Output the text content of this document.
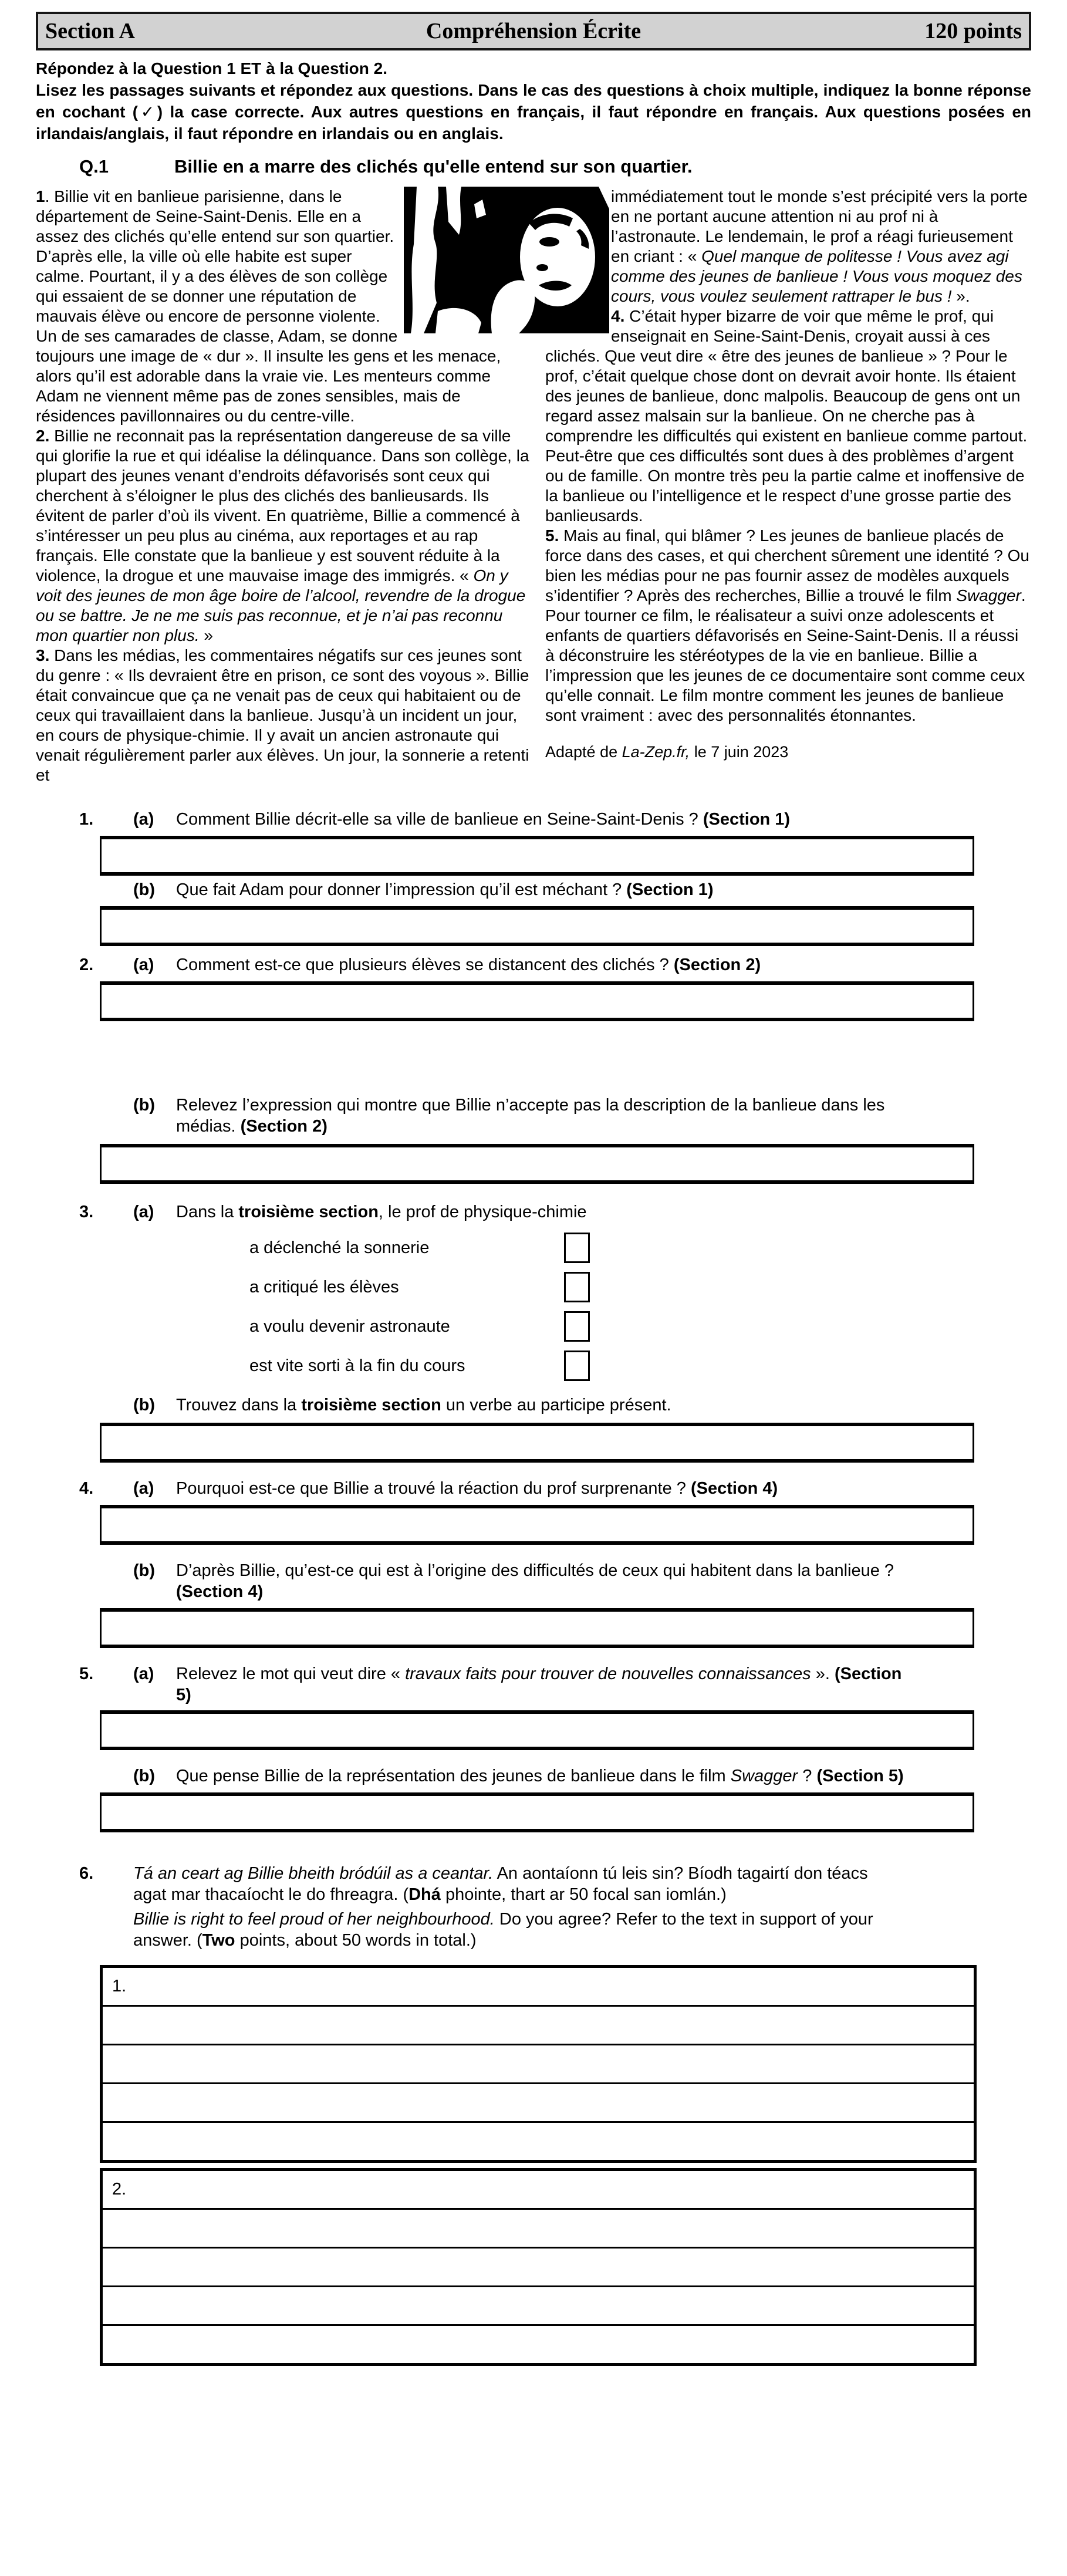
Section A	Compréhension Écrite	120 points

Répondez à la Question 1 ET à la Question 2.

Lisez les passages suivants et répondez aux questions. Dans le cas des questions à choix multiple, indiquez la bonne réponse en cochant (✓) la case correcte. Aux autres questions en français, il faut répondre en français. Aux questions posées en irlandais/anglais, il faut répondre en irlandais ou en anglais.

Q.1	Billie en a marre des clichés qu'elle entend sur son quartier.

1. Billie vit en banlieue parisienne, dans le département de Seine-Saint-Denis. Elle en a assez des clichés qu’elle entend sur son quartier. D’après elle, la ville où elle habite est super calme. Pourtant, il y a des élèves de son collège qui essaient de se donner une réputation de mauvais élève ou encore de personne violente. Un de ses camarades de classe, Adam, se donne toujours une image de « dur ». Il insulte les gens et les menace, alors qu’il est adorable dans la vraie vie. Les menteurs comme Adam ne viennent même pas de zones sensibles, mais de résidences pavillonnaires ou du centre-ville.

2. Billie ne reconnait pas la représentation dangereuse de sa ville qui glorifie la rue et qui idéalise la délinquance. Dans son collège, la plupart des jeunes venant d’endroits défavorisés sont ceux qui cherchent à s’éloigner le plus des clichés des banlieusards. Ils évitent de parler d’où ils vivent. En quatrième, Billie a commencé à s’intéresser un peu plus au cinéma, aux reportages et au rap français. Elle constate que la banlieue y est souvent réduite à la violence, la drogue et une mauvaise image des immigrés. « On y voit des jeunes de mon âge boire de l’alcool, revendre de la drogue ou se battre. Je ne me suis pas reconnue, et je n’ai pas reconnu mon quartier non plus. »

3. Dans les médias, les commentaires négatifs sur ces jeunes sont du genre : « Ils devraient être en prison, ce sont des voyous ». Billie était convaincue que ça ne venait pas de ceux qui habitaient ou de ceux qui travaillaient dans la banlieue. Jusqu’à un incident un jour, en cours de physique-chimie. Il y avait un ancien astronaute qui venait régulièrement parler aux élèves. Un jour, la sonnerie a retenti et

immédiatement tout le monde s’est précipité vers la porte en ne portant aucune attention ni au prof ni à l’astronaute. Le lendemain, le prof a réagi furieusement en criant : « Quel manque de politesse ! Vous avez agi comme des jeunes de banlieue ! Vous vous moquez des cours, vous voulez seulement rattraper le bus ! ».

4. C’était hyper bizarre de voir que même le prof, qui enseignait en Seine-Saint-Denis, croyait aussi à ces clichés. Que veut dire « être des jeunes de banlieue » ? Pour le prof, c’était quelque chose dont on devrait avoir honte. Ils étaient des jeunes de banlieue, donc malpolis. Beaucoup de gens ont un regard assez malsain sur la banlieue. On ne cherche pas à comprendre les difficultés qui existent en banlieue comme partout. Peut-être que ces difficultés sont dues à des problèmes d’argent ou de famille. On montre très peu la partie calme et inoffensive de la banlieue ou l’intelligence et le respect d’une grosse partie des banlieusards.

5. Mais au final, qui blâmer ? Les jeunes de banlieue placés de force dans des cases, et qui cherchent sûrement une identité ? Ou bien les médias pour ne pas fournir assez de modèles auxquels s’identifier ? Après des recherches, Billie a trouvé le film Swagger. Pour tourner ce film, le réalisateur a suivi onze adolescents et enfants de quartiers défavorisés en Seine-Saint-Denis. Il a réussi à déconstruire les stéréotypes de la vie en banlieue. Billie a l’impression que les jeunes de ce documentaire sont comme ceux qu’elle connait. Le film montre comment les jeunes de banlieue sont vraiment : avec des personnalités étonnantes.

Adapté de La-Zep.fr, le 7 juin 2023

1.	(a)	Comment Billie décrit-elle sa ville de banlieue en Seine-Saint-Denis ? (Section 1)
(b)	Que fait Adam pour donner l’impression qu’il est méchant ? (Section 1)
2.	(a)	Comment est-ce que plusieurs élèves se distancent des clichés ? (Section 2)
(b)	Relevez l’expression qui montre que Billie n’accepte pas la description de la banlieue dans les médias. (Section 2)
3.	(a)	Dans la troisième section, le prof de physique-chimie
a déclenché la sonnerie
a critiqué les élèves
a voulu devenir astronaute
est vite sorti à la fin du cours
(b)	Trouvez dans la troisième section un verbe au participe présent.
4.	(a)	Pourquoi est-ce que Billie a trouvé la réaction du prof surprenante ? (Section 4)
(b)	D’après Billie, qu’est-ce qui est à l’origine des difficultés de ceux qui habitent dans la banlieue ? (Section 4)
5.	(a)	Relevez le mot qui veut dire « travaux faits pour trouver de nouvelles connaissances ». (Section 5)
(b)	Que pense Billie de la représentation des jeunes de banlieue dans le film Swagger ? (Section 5)
6.	Tá an ceart ag Billie bheith bródúil as a ceantar. An aontaíonn tú leis sin? Bíodh tagairtí don téacs agat mar thacaíocht le do fhreagra. (Dhá phointe, thart ar 50 focal san iomlán.)

Billie is right to feel proud of her neighbourhood. Do you agree? Refer to the text in support of your answer. (Two points, about 50 words in total.)

1.
2.
